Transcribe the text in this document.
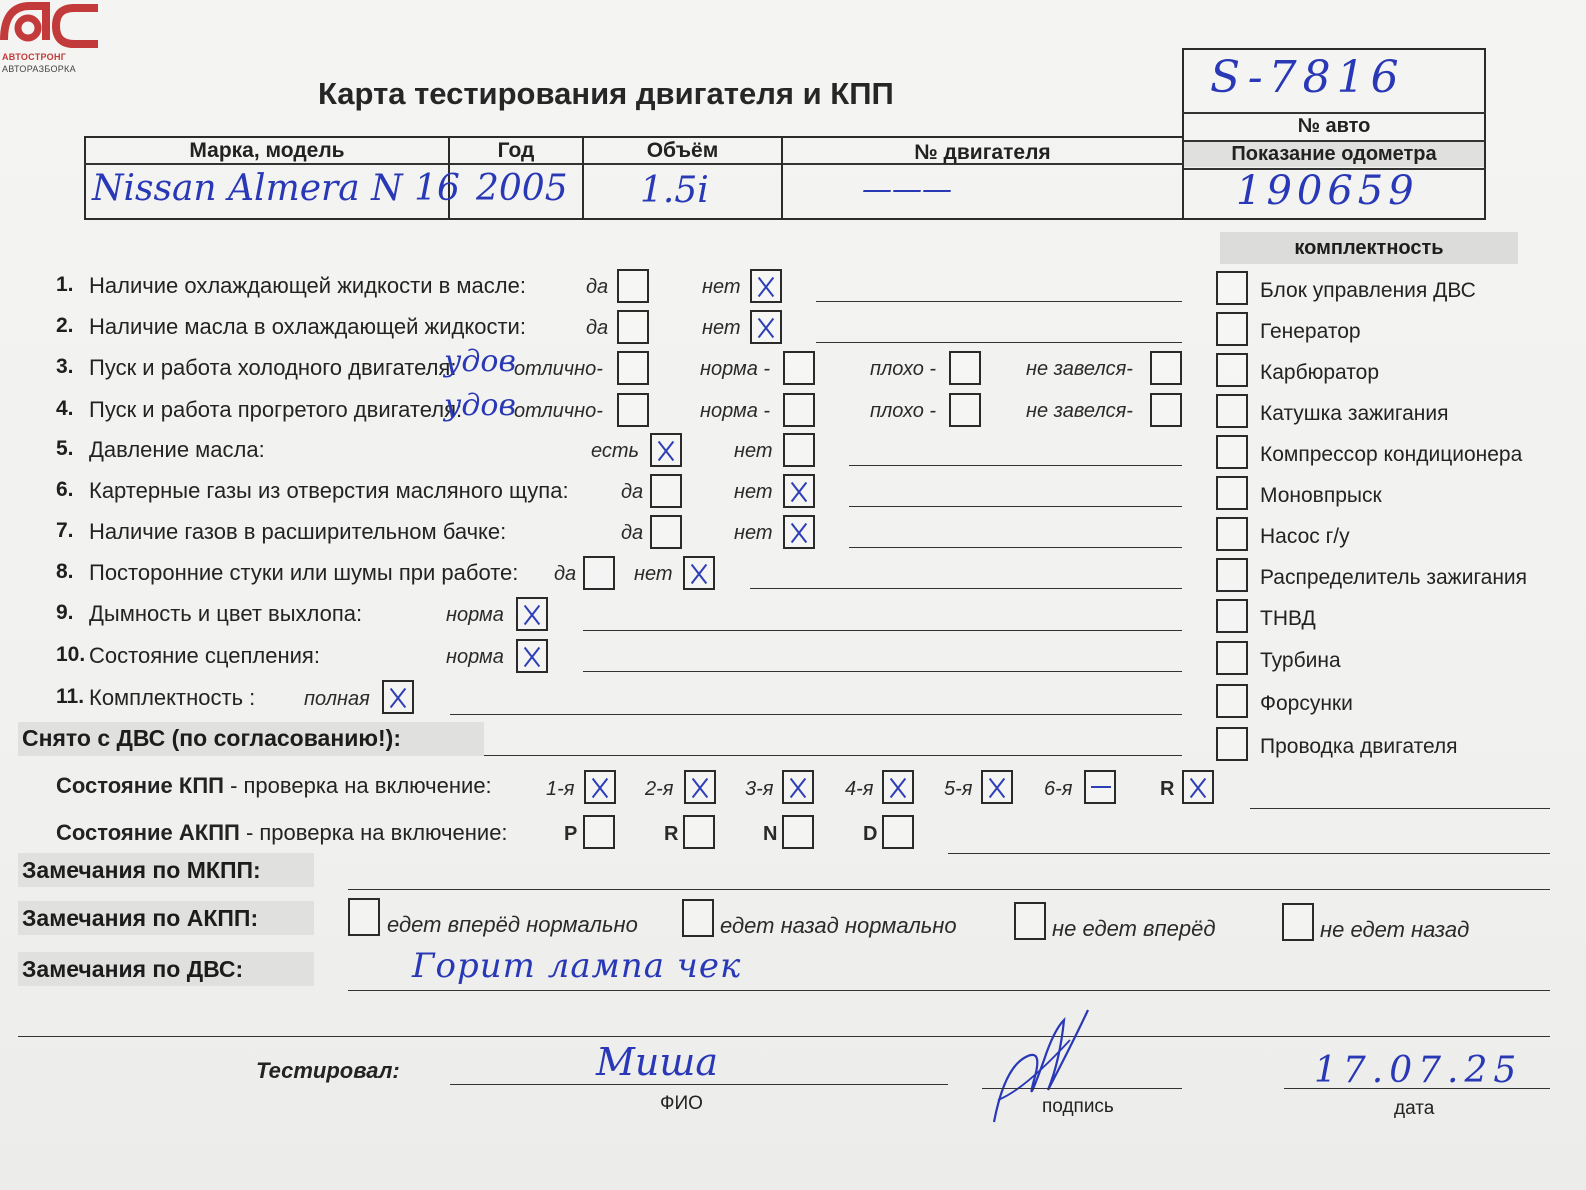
АВТОСТРОНГ
АВТОРАЗБОРКА
Карта тестирования двигателя и КПП	S-7816
№ авто
Показание одометра
190659
Марка, модель	Год	Объём	№ двигателя
Nissan Almera N 16 2005 1.5i	———
комплектность
Блок управления ДВС
Генератор
Карбюратор
Катушка зажигания
Компрессор кондиционера
Моновпрыск
Насос г/у
Распределитель зажигания
ТНВД
Турбина
Форсунки
Проводка двигателя
1. Наличие охлаждающей жидкости в масле:	да	нет
2. Наличие масла в охлаждающей жидкости:	да	нет
3. Пуск и работа холодного двигателя:
удов
отлично-	норма -	плохо -	не завелся-
4. Пуск и работа прогретого двигателя:
удов
отлично-	норма -	плохо -	не завелся-
5. Давление масла:	есть	нет
6. Картерные газы из отверстия масляного щупа:	да	нет
7. Наличие газов в расширительном бачке:	да	нет
8. Посторонние стуки или шумы при работе: да	нет
9. Дымность и цвет выхлопа:	норма
10. Состояние сцепления:	норма
11. Комплектность : полная
Снято с ДВС (по согласованию!):
Состояние КПП - проверка на включение:	1-я	2-я	3-я	4-я	5-я	6-я	R
Состояние АКПП - проверка на включение:	P	R	N	D
Замечания по МКПП:
Замечания по АКПП:	едет вперёд нормально	едет назад нормально	не едет вперёд	не едет назад
Замечания по ДВС:	Горит лампа чек
Тестировал:	Миша
ФИО	подпись
17.07.25
дата
